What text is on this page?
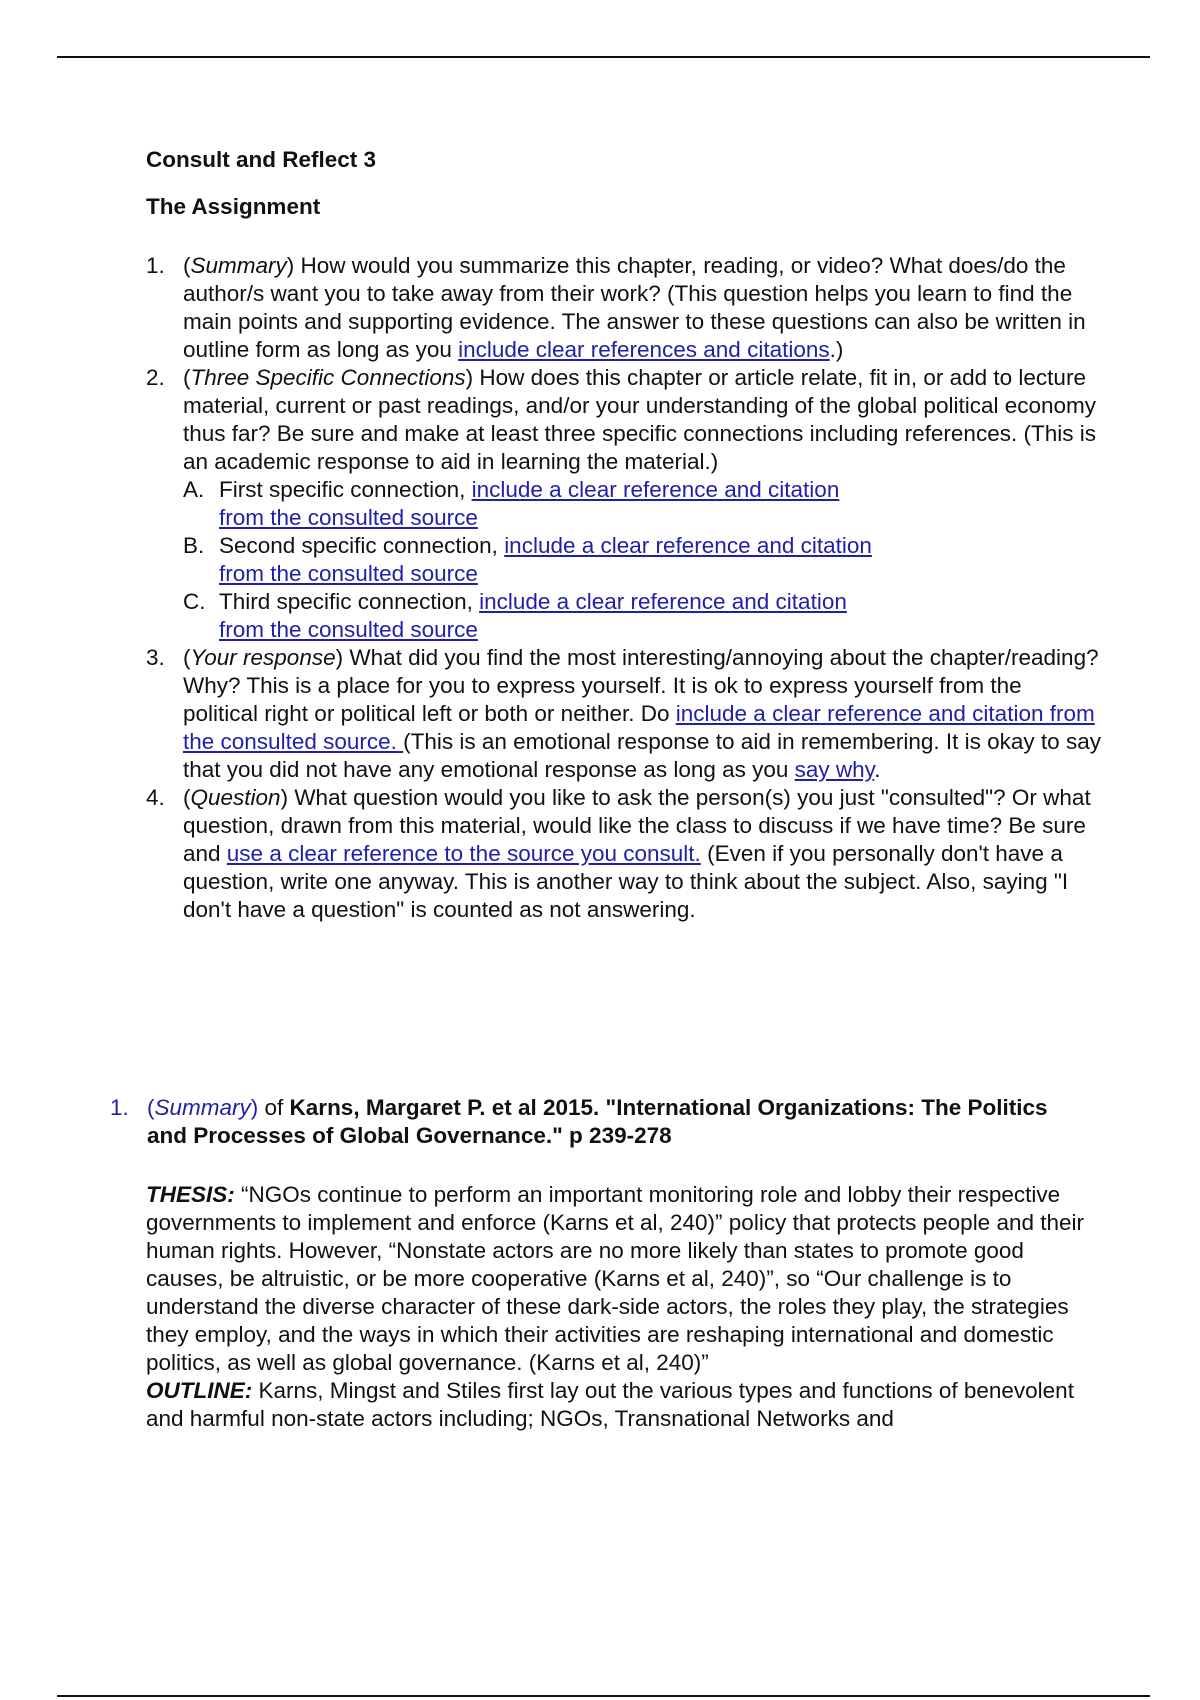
Consult and Reflect 3
The Assignment
1. (Summary) How would you summarize this chapter, reading, or video? What does/do the author/s want you to take away from their work? (This question helps you learn to find the main points and supporting evidence. The answer to these questions can also be written in outline form as long as you include clear references and citations.)
2. (Three Specific Connections) How does this chapter or article relate, fit in, or add to lecture material, current or past readings, and/or your understanding of the global political economy thus far? Be sure and make at least three specific connections including references. (This is an academic response to aid in learning the material.)
A. First specific connection, include a clear reference and citation from the consulted source
B. Second specific connection, include a clear reference and citation from the consulted source
C. Third specific connection, include a clear reference and citation from the consulted source
3. (Your response) What did you find the most interesting/annoying about the chapter/reading? Why? This is a place for you to express yourself. It is ok to express yourself from the political right or political left or both or neither. Do include a clear reference and citation from the consulted source. (This is an emotional response to aid in remembering. It is okay to say that you did not have any emotional response as long as you say why.
4. (Question) What question would you like to ask the person(s) you just "consulted"? Or what question, drawn from this material, would like the class to discuss if we have time? Be sure and use a clear reference to the source you consult. (Even if you personally don't have a question, write one anyway. This is another way to think about the subject. Also, saying "I don't have a question" is counted as not answering.
1. (Summary) of Karns, Margaret P. et al 2015. "International Organizations: The Politics and Processes of Global Governance." p 239-278
THESIS: “NGOs continue to perform an important monitoring role and lobby their respective governments to implement and enforce (Karns et al, 240)” policy that protects people and their human rights. However, “Nonstate actors are no more likely than states to promote good causes, be altruistic, or be more cooperative (Karns et al, 240)”, so “Our challenge is to understand the diverse character of these dark-side actors, the roles they play, the strategies they employ, and the ways in which their activities are reshaping international and domestic politics, as well as global governance. (Karns et al, 240)”
OUTLINE: Karns, Mingst and Stiles first lay out the various types and functions of benevolent and harmful non-state actors including; NGOs, Transnational Networks and
